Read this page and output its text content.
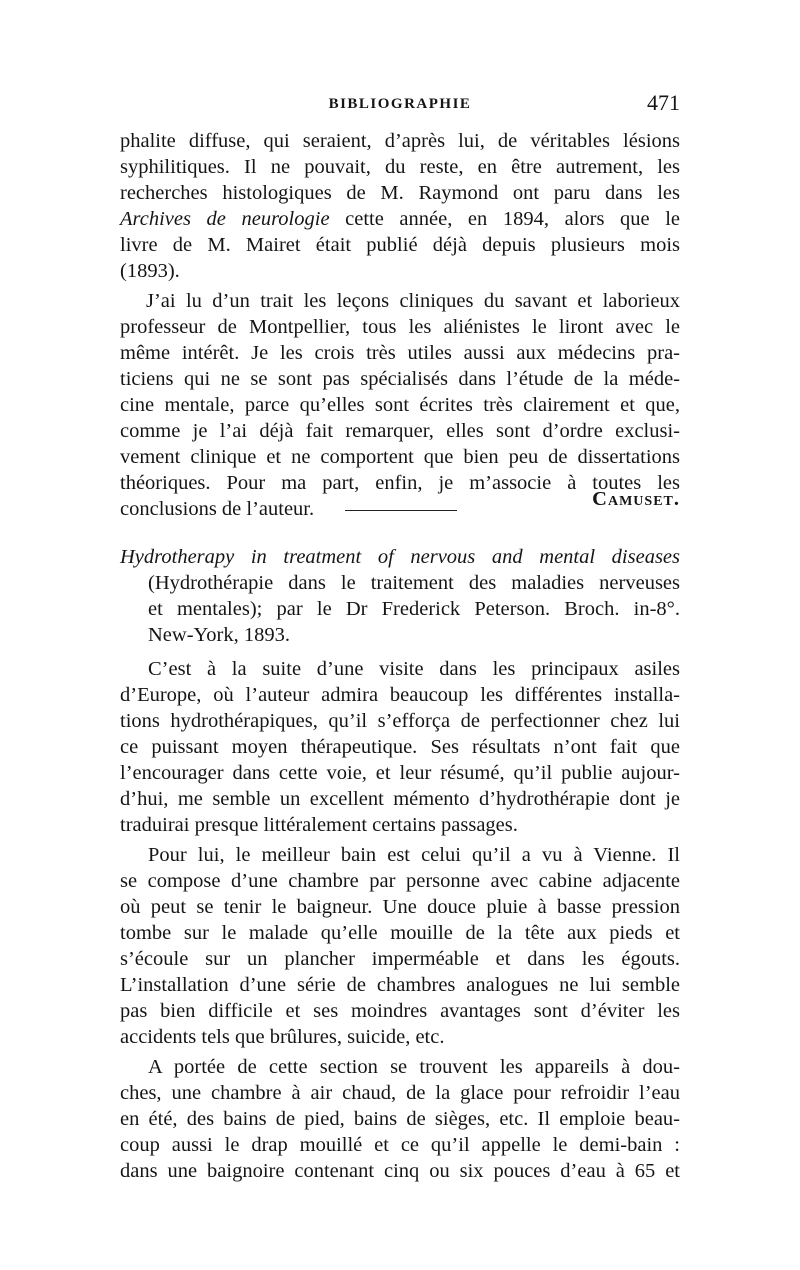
BIBLIOGRAPHIE	471
phalite diffuse, qui seraient, d’après lui, de véritables lésions
syphilitiques. Il ne pouvait, du reste, en être autrement, les
recherches histologiques de M. Raymond ont paru dans les
Archives de neurologie cette année, en 1894, alors que le
livre de M. Mairet était publié déjà depuis plusieurs mois
(1893).
J’ai lu d’un trait les leçons cliniques du savant et laborieux
professeur de Montpellier, tous les aliénistes le liront avec le
même intérêt. Je les crois très utiles aussi aux médecins pra-
ticiens qui ne se sont pas spécialisés dans l’étude de la méde-
cine mentale, parce qu’elles sont écrites très clairement et que,
comme je l’ai déjà fait remarquer, elles sont d’ordre exclusi-
vement clinique et ne comportent que bien peu de dissertations
théoriques. Pour ma part, enfin, je m’associe à toutes les
conclusions de l’auteur.	Camuset.
Hydrotherapy in treatment of nervous and mental diseases
(Hydrothérapie dans le traitement des maladies nerveuses
et mentales); par le Dr Frederick Peterson. Broch. in-8°.
New-York, 1893.
C’est à la suite d’une visite dans les principaux asiles
d’Europe, où l’auteur admira beaucoup les différentes installa-
tions hydrothérapiques, qu’il s’efforça de perfectionner chez lui
ce puissant moyen thérapeutique. Ses résultats n’ont fait que
l’encourager dans cette voie, et leur résumé, qu’il publie aujour-
d’hui, me semble un excellent mémento d’hydrothérapie dont je
traduirai presque littéralement certains passages.
Pour lui, le meilleur bain est celui qu’il a vu à Vienne. Il
se compose d’une chambre par personne avec cabine adjacente
où peut se tenir le baigneur. Une douce pluie à basse pression
tombe sur le malade qu’elle mouille de la tête aux pieds et
s’écoule sur un plancher imperméable et dans les égouts.
L’installation d’une série de chambres analogues ne lui semble
pas bien difficile et ses moindres avantages sont d’éviter les
accidents tels que brûlures, suicide, etc.
A portée de cette section se trouvent les appareils à dou-
ches, une chambre à air chaud, de la glace pour refroidir l’eau
en été, des bains de pied, bains de sièges, etc. Il emploie beau-
coup aussi le drap mouillé et ce qu’il appelle le demi-bain :
dans une baignoire contenant cinq ou six pouces d’eau à 65 et
